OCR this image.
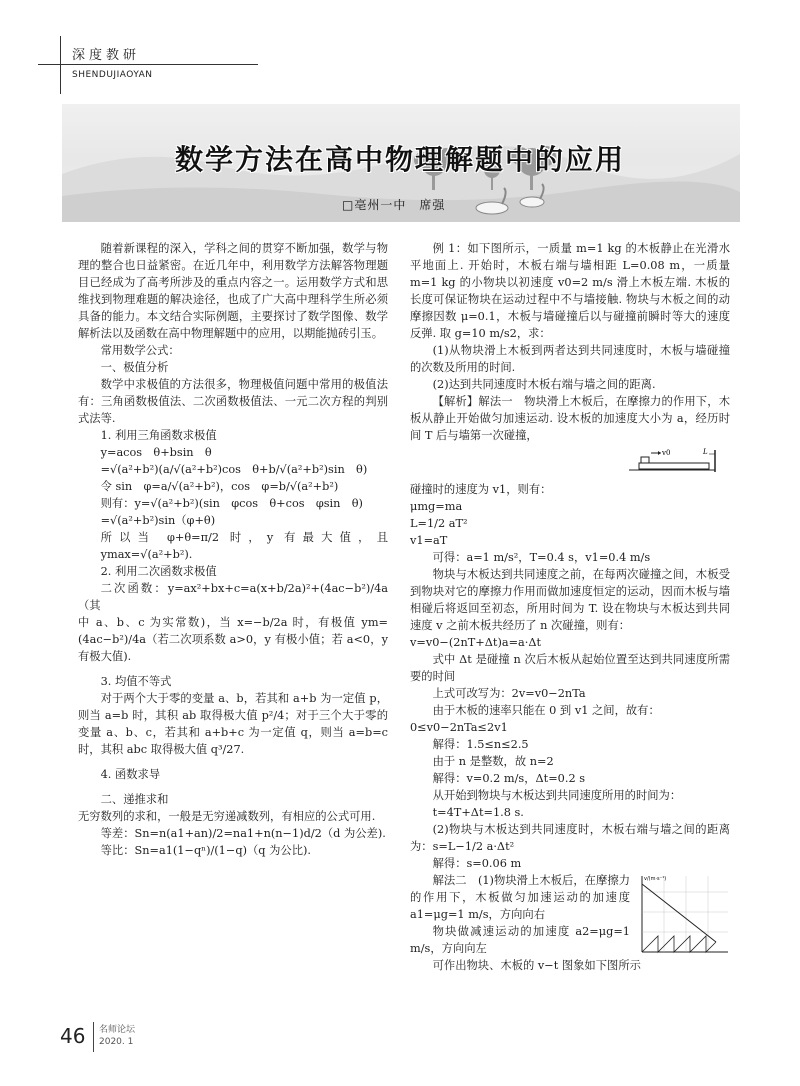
深度教研
SHENDUJIAOYAN
数学方法在高中物理解题中的应用
□亳州一中　席强

随着新课程的深入，学科之间的贯穿不断加强，数学与物理的整合也日益紧密。在近几年中，利用数学方法解答物理题目已经成为了高考所涉及的重点内容之一。运用数学方式和思维找到物理难题的解决途径，也成了广大高中理科学生所必须具备的能力。本文结合实际例题，主要探讨了数学图像、数学解析法以及函数在高中物理解题中的应用，以期能抛砖引玉。

常用数学公式：

一、极值分析

数学中求极值的方法很多，物理极值问题中常用的极值法有：三角函数极值法、二次函数极值法、一元二次方程的判别式法等.

1. 利用三角函数求极值

y=acos　θ+bsin　θ

=√(a²+b²)(a/√(a²+b²)cos　θ+b/√(a²+b²)sin　θ)

令 sin　φ=a/√(a²+b²)，cos　φ=b/√(a²+b²)

则有：y=√(a²+b²)(sin　φcos　θ+cos　φsin　θ)

=√(a²+b²)sin（φ+θ)

所以当 φ+θ=π/2 时，y 有最大值，且 ymax=√(a²+b²).

2. 利用二次函数求极值

二次函数：y=ax²+bx+c=a(x+b/2a)²+(4ac−b²)/4a（其

中 a、b、c 为实常数)，当 x=−b/2a 时，有极值 ym=(4ac−b²)/4a（若二次项系数 a>0，y 有极小值；若 a<0，y 有极大值).

3. 均值不等式

对于两个大于零的变量 a、b，若其和 a+b 为一定值 p，则当 a=b 时，其积 ab 取得极大值 p²/4；对于三个大于零的变量 a、b、c，若其和 a+b+c 为一定值 q，则当 a=b=c 时，其积 abc 取得极大值 q³/27.

4. 函数求导

二、递推求和

无穷数列的求和，一般是无穷递减数列，有相应的公式可用.

等差：Sn=n(a1+an)/2=na1+n(n−1)d/2（d 为公差).

等比：Sn=a1(1−qⁿ)/(1−q)（q 为公比).

例 1：如下图所示，一质量 m=1 kg 的木板静止在光滑水平地面上. 开始时，木板右端与墙相距 L=0.08 m，一质量 m=1 kg 的小物块以初速度 v0=2 m/s 滑上木板左端. 木板的长度可保证物块在运动过程中不与墙接触. 物块与木板之间的动摩擦因数 μ=0.1，木板与墙碰撞后以与碰撞前瞬时等大的速度反弹. 取 g=10 m/s2，求：

(1)从物块滑上木板到两者达到共同速度时，木板与墙碰撞的次数及所用的时间.

(2)达到共同速度时木板右端与墙之间的距离.

【解析】解法一　物块滑上木板后，在摩擦力的作用下，木板从静止开始做匀加速运动. 设木板的加速度大小为 a，经历时间 T 后与墙第一次碰撞，

v0	L

碰撞时的速度为 v1，则有：

μmg=ma

L=1/2 aT²

v1=aT

可得：a=1 m/s²，T=0.4 s，v1=0.4 m/s

物块与木板达到共同速度之前，在每两次碰撞之间，木板受到物块对它的摩擦力作用而做加速度恒定的运动，因而木板与墙相碰后将返回至初态，所用时间为 T. 设在物块与木板达到共同速度 v 之前木板共经历了 n 次碰撞，则有：

v=v0−(2nT+Δt)a=a·Δt

式中 Δt 是碰撞 n 次后木板从起始位置至达到共同速度所需要的时间

上式可改写为：2v=v0−2nTa

由于木板的速率只能在 0 到 v1 之间，故有：

0≤v0−2nTa≤2v1

解得：1.5≤n≤2.5

由于 n 是整数，故 n=2

解得：v=0.2 m/s，Δt=0.2 s

从开始到物块与木板达到共同速度所用的时间为：

t=4T+Δt=1.8 s.

(2)物块与木板达到共同速度时，木板右端与墙之间的距离为：s=L−1/2 a·Δt²

解得：s=0.06 m

v/(m·s⁻¹)

解法二　(1)物块滑上木板后，在摩擦力的作用下，木板做匀加速运动的加速度 a1=μg=1 m/s，方向向右

物块做减速运动的加速度 a2=μg=1 m/s，方向向左

可作出物块、木板的 v−t 图象如下图所示

46 名师论坛
2020. 1
